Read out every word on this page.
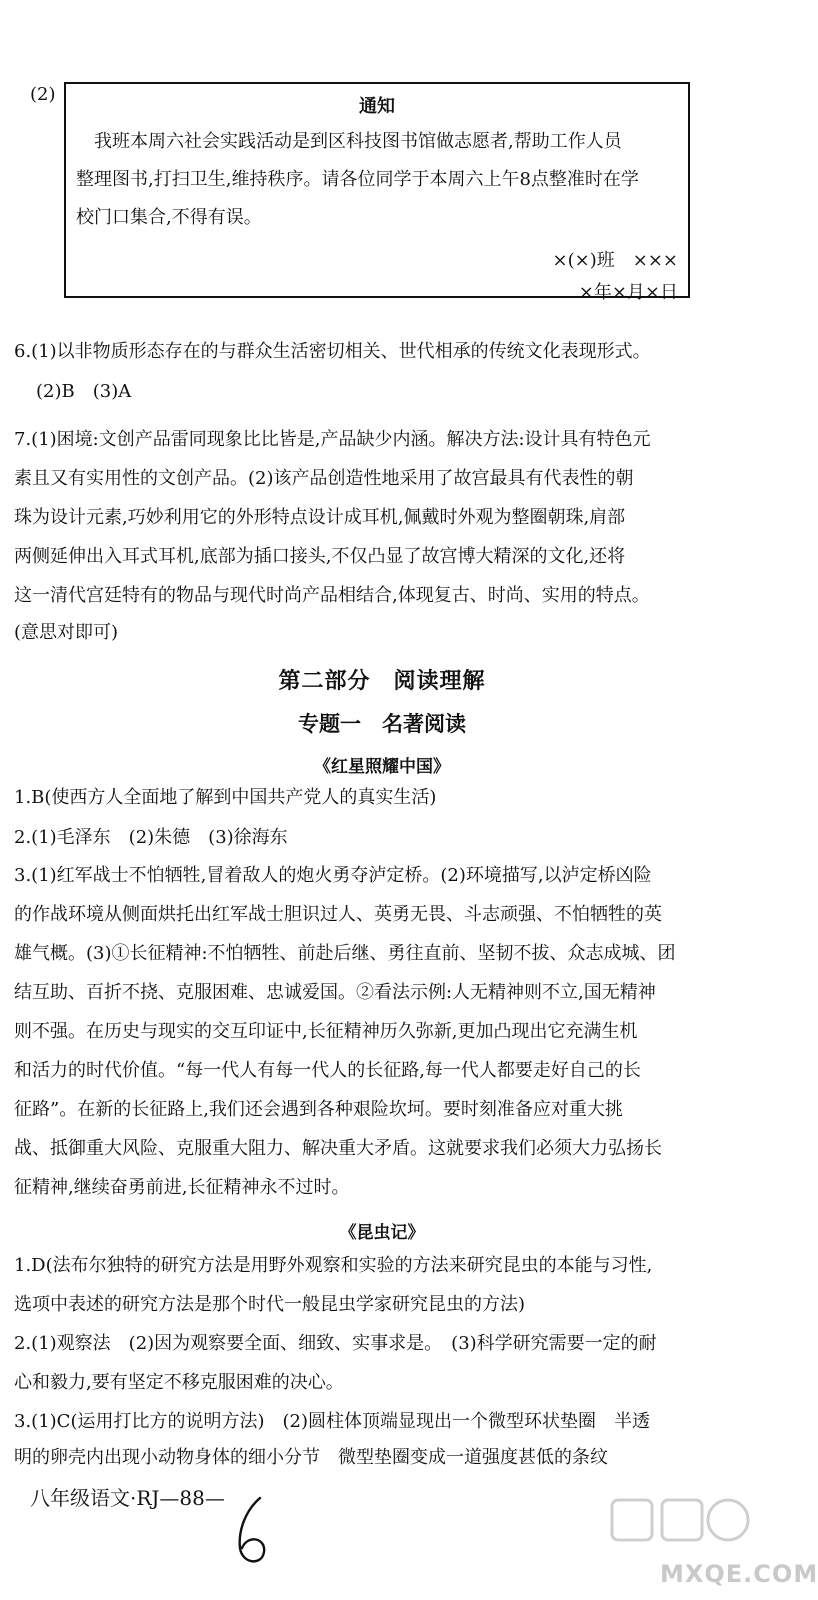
(2)
通知
我班本周六社会实践活动是到区科技图书馆做志愿者,帮助工作人员
整理图书,打扫卫生,维持秩序。请各位同学于本周六上午8点整准时在学
校门口集合,不得有误。
×(×)班　×××
×年×月×日
6.(1)以非物质形态存在的与群众生活密切相关、世代相承的传统文化表现形式。
(2)B　(3)A
7.(1)困境:文创产品雷同现象比比皆是,产品缺少内涵。解决方法:设计具有特色元
素且又有实用性的文创产品。(2)该产品创造性地采用了故宫最具有代表性的朝
珠为设计元素,巧妙利用它的外形特点设计成耳机,佩戴时外观为整圈朝珠,肩部
两侧延伸出入耳式耳机,底部为插口接头,不仅凸显了故宫博大精深的文化,还将
这一清代宫廷特有的物品与现代时尚产品相结合,体现复古、时尚、实用的特点。
(意思对即可)
第二部分　阅读理解
专题一　名著阅读
《红星照耀中国》
1.B(使西方人全面地了解到中国共产党人的真实生活)
2.(1)毛泽东　(2)朱德　(3)徐海东
3.(1)红军战士不怕牺牲,冒着敌人的炮火勇夺泸定桥。(2)环境描写,以泸定桥凶险
的作战环境从侧面烘托出红军战士胆识过人、英勇无畏、斗志顽强、不怕牺牲的英
雄气概。(3)①长征精神:不怕牺牲、前赴后继、勇往直前、坚韧不拔、众志成城、团
结互助、百折不挠、克服困难、忠诚爱国。②看法示例:人无精神则不立,国无精神
则不强。在历史与现实的交互印证中,长征精神历久弥新,更加凸现出它充满生机
和活力的时代价值。“每一代人有每一代人的长征路,每一代人都要走好自己的长
征路”。在新的长征路上,我们还会遇到各种艰险坎坷。要时刻准备应对重大挑
战、抵御重大风险、克服重大阻力、解决重大矛盾。这就要求我们必须大力弘扬长
征精神,继续奋勇前进,长征精神永不过时。
《昆虫记》
1.D(法布尔独特的研究方法是用野外观察和实验的方法来研究昆虫的本能与习性,
选项中表述的研究方法是那个时代一般昆虫学家研究昆虫的方法)
2.(1)观察法　(2)因为观察要全面、细致、实事求是。　(3)科学研究需要一定的耐
心和毅力,要有坚定不移克服困难的决心。
3.(1)C(运用打比方的说明方法)　(2)圆柱体顶端显现出一个微型环状垫圈　半透
明的卵壳内出现小动物身体的细小分节　微型垫圈变成一道强度甚低的条纹
八年级语文·RJ—88—
MXQE.COM
